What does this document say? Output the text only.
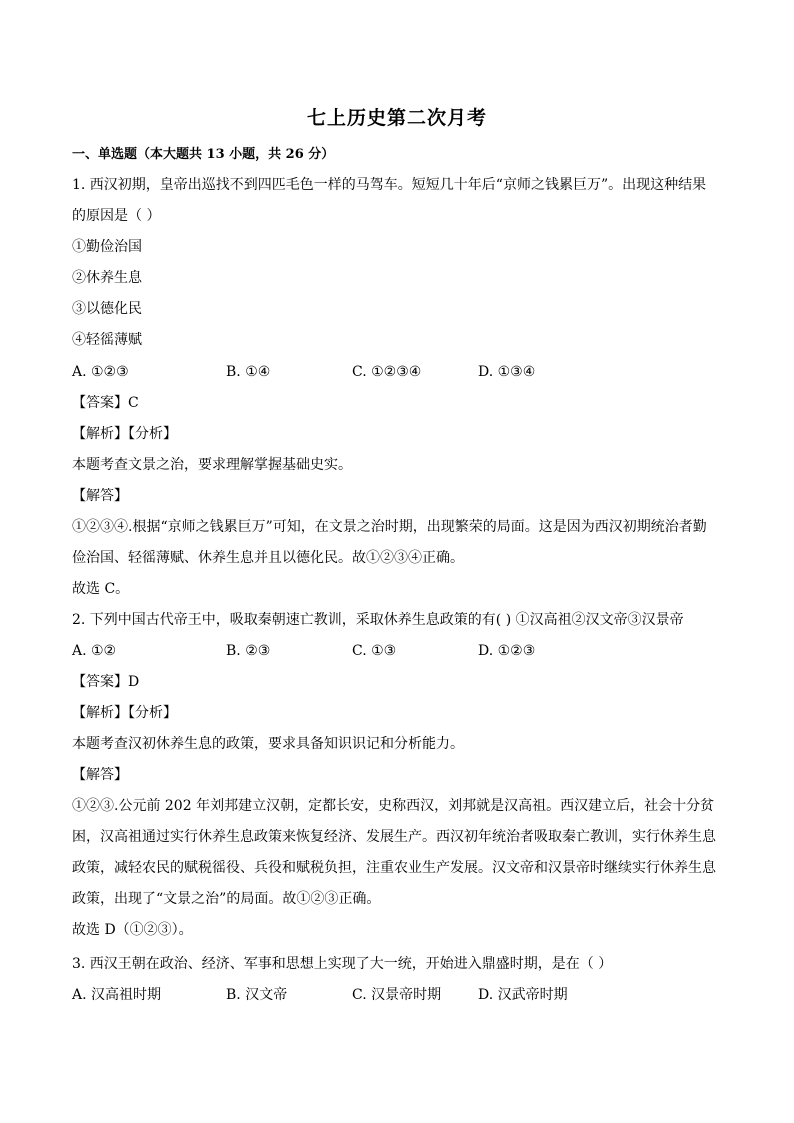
七上历史第二次月考
一、单选题（本大题共 13 小题，共 26 分）
1. 西汉初期，皇帝出巡找不到四匹毛色一样的马驾车。短短几十年后“京师之钱累巨万”。出现这种结果
的原因是（ ）
①勤俭治国
②休养生息
③以德化民
④轻徭薄赋
A. ①②③	B. ①④	C. ①②③④	D. ①③④
【答案】C
【解析】【分析】
本题考查文景之治，要求理解掌握基础史实。
【解答】
①②③④.根据“京师之钱累巨万”可知，在文景之治时期，出现繁荣的局面。这是因为西汉初期统治者勤
俭治国、轻徭薄赋、休养生息并且以德化民。故①②③④正确。
故选 C。
2. 下列中国古代帝王中，吸取秦朝速亡教训，采取休养生息政策的有( ) ①汉高祖②汉文帝③汉景帝
A. ①②	B. ②③	C. ①③	D. ①②③
【答案】D
【解析】【分析】
本题考查汉初休养生息的政策，要求具备知识识记和分析能力。
【解答】
①②③.公元前 202 年刘邦建立汉朝，定都长安，史称西汉，刘邦就是汉高祖。西汉建立后，社会十分贫
困，汉高祖通过实行休养生息政策来恢复经济、发展生产。西汉初年统治者吸取秦亡教训，实行休养生息
政策，减轻农民的赋税徭役、兵役和赋税负担，注重农业生产发展。汉文帝和汉景帝时继续实行休养生息
政策，出现了“文景之治”的局面。故①②③正确。
故选 D（①②③）。
3. 西汉王朝在政治、经济、军事和思想上实现了大一统，开始进入鼎盛时期，是在（ ）
A. 汉高祖时期	B. 汉文帝	C. 汉景帝时期	D. 汉武帝时期
